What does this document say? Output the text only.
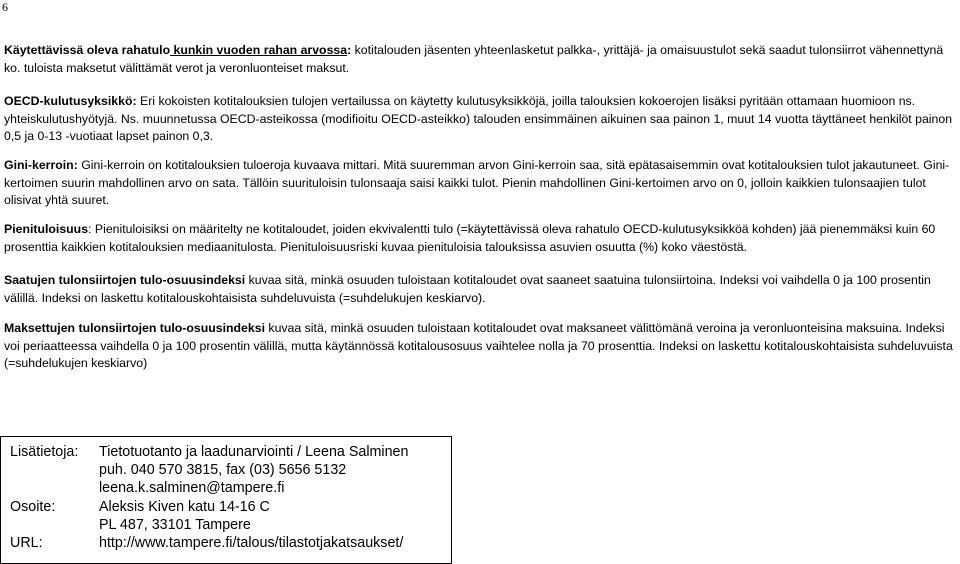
6

Käytettävissä oleva rahatulo kunkin vuoden rahan arvossa: kotitalouden jäsenten yhteenlasketut palkka-, yrittäjä- ja omaisuustulot sekä saadut tulonsiirrot vähennettynä ko. tuloista maksetut välittämät verot ja veronluonteiset maksut.

OECD-kulutusyksikkö: Eri kokoisten kotitalouksien tulojen vertailussa on käytetty kulutusyksikköjä, joilla talouksien kokoerojen lisäksi pyritään ottamaan huomioon ns. yhteiskulutushyötyjä. Ns. muunnetussa OECD-asteikossa (modifioitu OECD-asteikko) talouden ensimmäinen aikuinen saa painon 1, muut 14 vuotta täyttäneet henkilöt painon 0,5 ja 0-13 -vuotiaat lapset painon 0,3.

Gini-kerroin: Gini-kerroin on kotitalouksien tuloeroja kuvaava mittari. Mitä suuremman arvon Gini-kerroin saa, sitä epätasaisemmin ovat kotitalouksien tulot jakautuneet. Gini-kertoimen suurin mahdollinen arvo on sata. Tällöin suurituloisin tulonsaaja saisi kaikki tulot. Pienin mahdollinen Gini-kertoimen arvo on 0, jolloin kaikkien tulonsaajien tulot olisivat yhtä suuret.

Pienituloisuus: Pienituloisiksi on määritelty ne kotitaloudet, joiden ekvivalentti tulo (=käytettävissä oleva rahatulo OECD-kulutusyksikköä kohden) jää pienemmäksi kuin 60 prosenttia kaikkien kotitalouksien mediaanitulosta. Pienituloisuusriski kuvaa pienituloisia talouksissa asuvien osuutta (%) koko väestöstä.

Saatujen tulonsiirtojen tulo-osuusindeksi kuvaa sitä, minkä osuuden tuloistaan kotitaloudet ovat saaneet saatuina tulonsiirtoina. Indeksi voi vaihdella 0 ja 100 prosentin välillä. Indeksi on laskettu kotitalouskohtaisista suhdeluvuista (=suhdelukujen keskiarvo).

Maksettujen tulonsiirtojen tulo-osuusindeksi kuvaa sitä, minkä osuuden tuloistaan kotitaloudet ovat maksaneet välittömänä veroina ja veronluonteisina maksuina. Indeksi voi periaatteessa vaihdella 0 ja 100 prosentin välillä, mutta käytännössä kotitalousosuus vaihtelee nolla ja 70 prosenttia. Indeksi on laskettu kotitalouskohtaisista suhdeluvuista (=suhdelukujen keskiarvo)

Lisätietoja:	Tietotuotanto ja laadunarviointi / Leena Salminen
puh. 040 570 3815, fax (03) 5656 5132
leena.k.salminen@tampere.fi
Osoite:	Aleksis Kiven katu 14-16 C
PL 487, 33101 Tampere
URL:	http://www.tampere.fi/talous/tilastotjakatsaukset/
